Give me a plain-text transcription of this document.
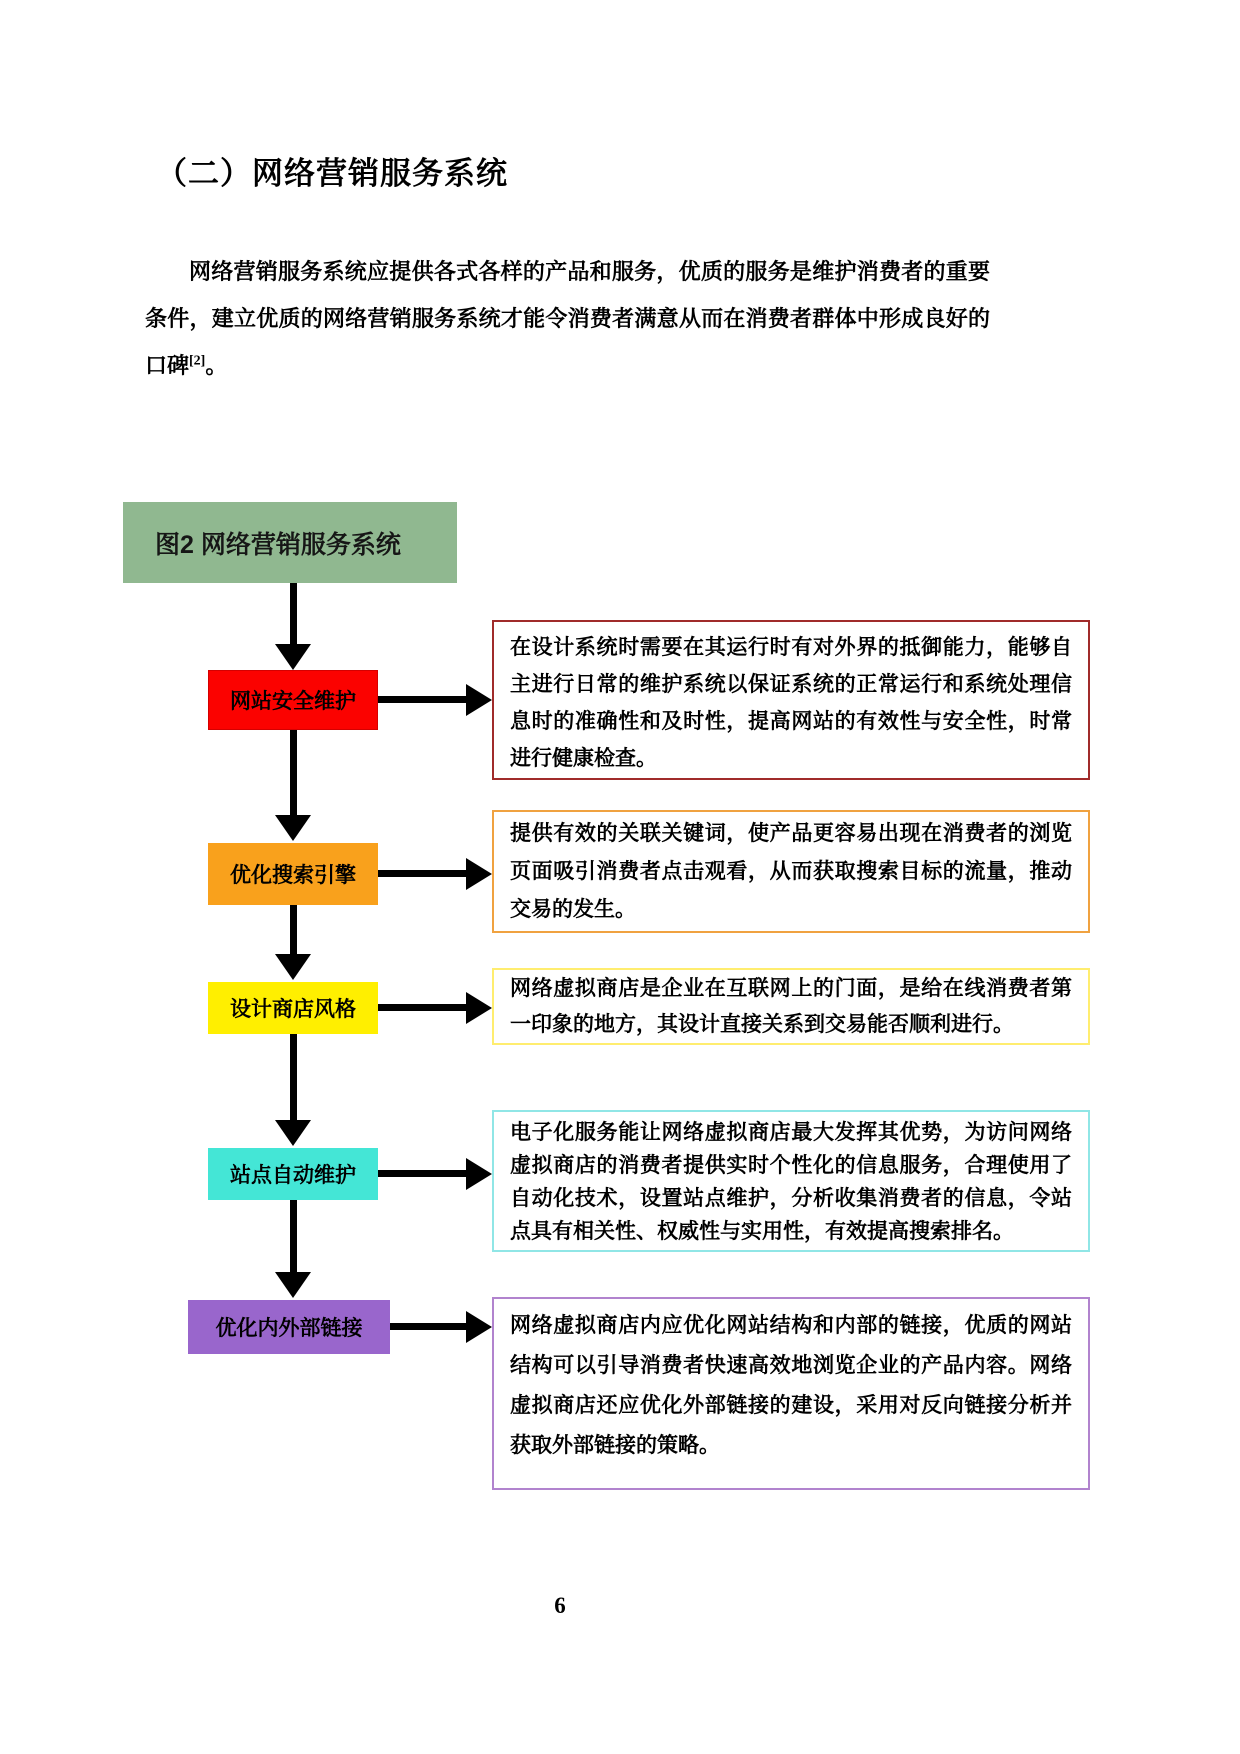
（二）网络营销服务系统

网络营销服务系统应提供各式各样的产品和服务，优质的服务是维护消费者的重要条件，建立优质的网络营销服务系统才能令消费者满意从而在消费者群体中形成良好的口碑[2]。

图2 网络营销服务系统
网站安全维护
在设计系统时需要在其运行时有对外界的抵御能力，能够自主进行日常的维护系统以保证系统的正常运行和系统处理信息时的准确性和及时性，提高网站的有效性与安全性，时常进行健康检查。
优化搜索引擎
提供有效的关联关键词，使产品更容易出现在消费者的浏览页面吸引消费者点击观看，从而获取搜索目标的流量，推动交易的发生。
设计商店风格
网络虚拟商店是企业在互联网上的门面，是给在线消费者第一印象的地方，其设计直接关系到交易能否顺利进行。
站点自动维护
电子化服务能让网络虚拟商店最大发挥其优势，为访问网络虚拟商店的消费者提供实时个性化的信息服务，合理使用了自动化技术，设置站点维护，分析收集消费者的信息，令站点具有相关性、权威性与实用性，有效提高搜索排名。
优化内外部链接	网络虚拟商店内应优化网站结构和内部的链接，优质的网站结构可以引导消费者快速高效地浏览企业的产品内容。网络虚拟商店还应优化外部链接的建设，采用对反向链接分析并获取外部链接的策略。
6
